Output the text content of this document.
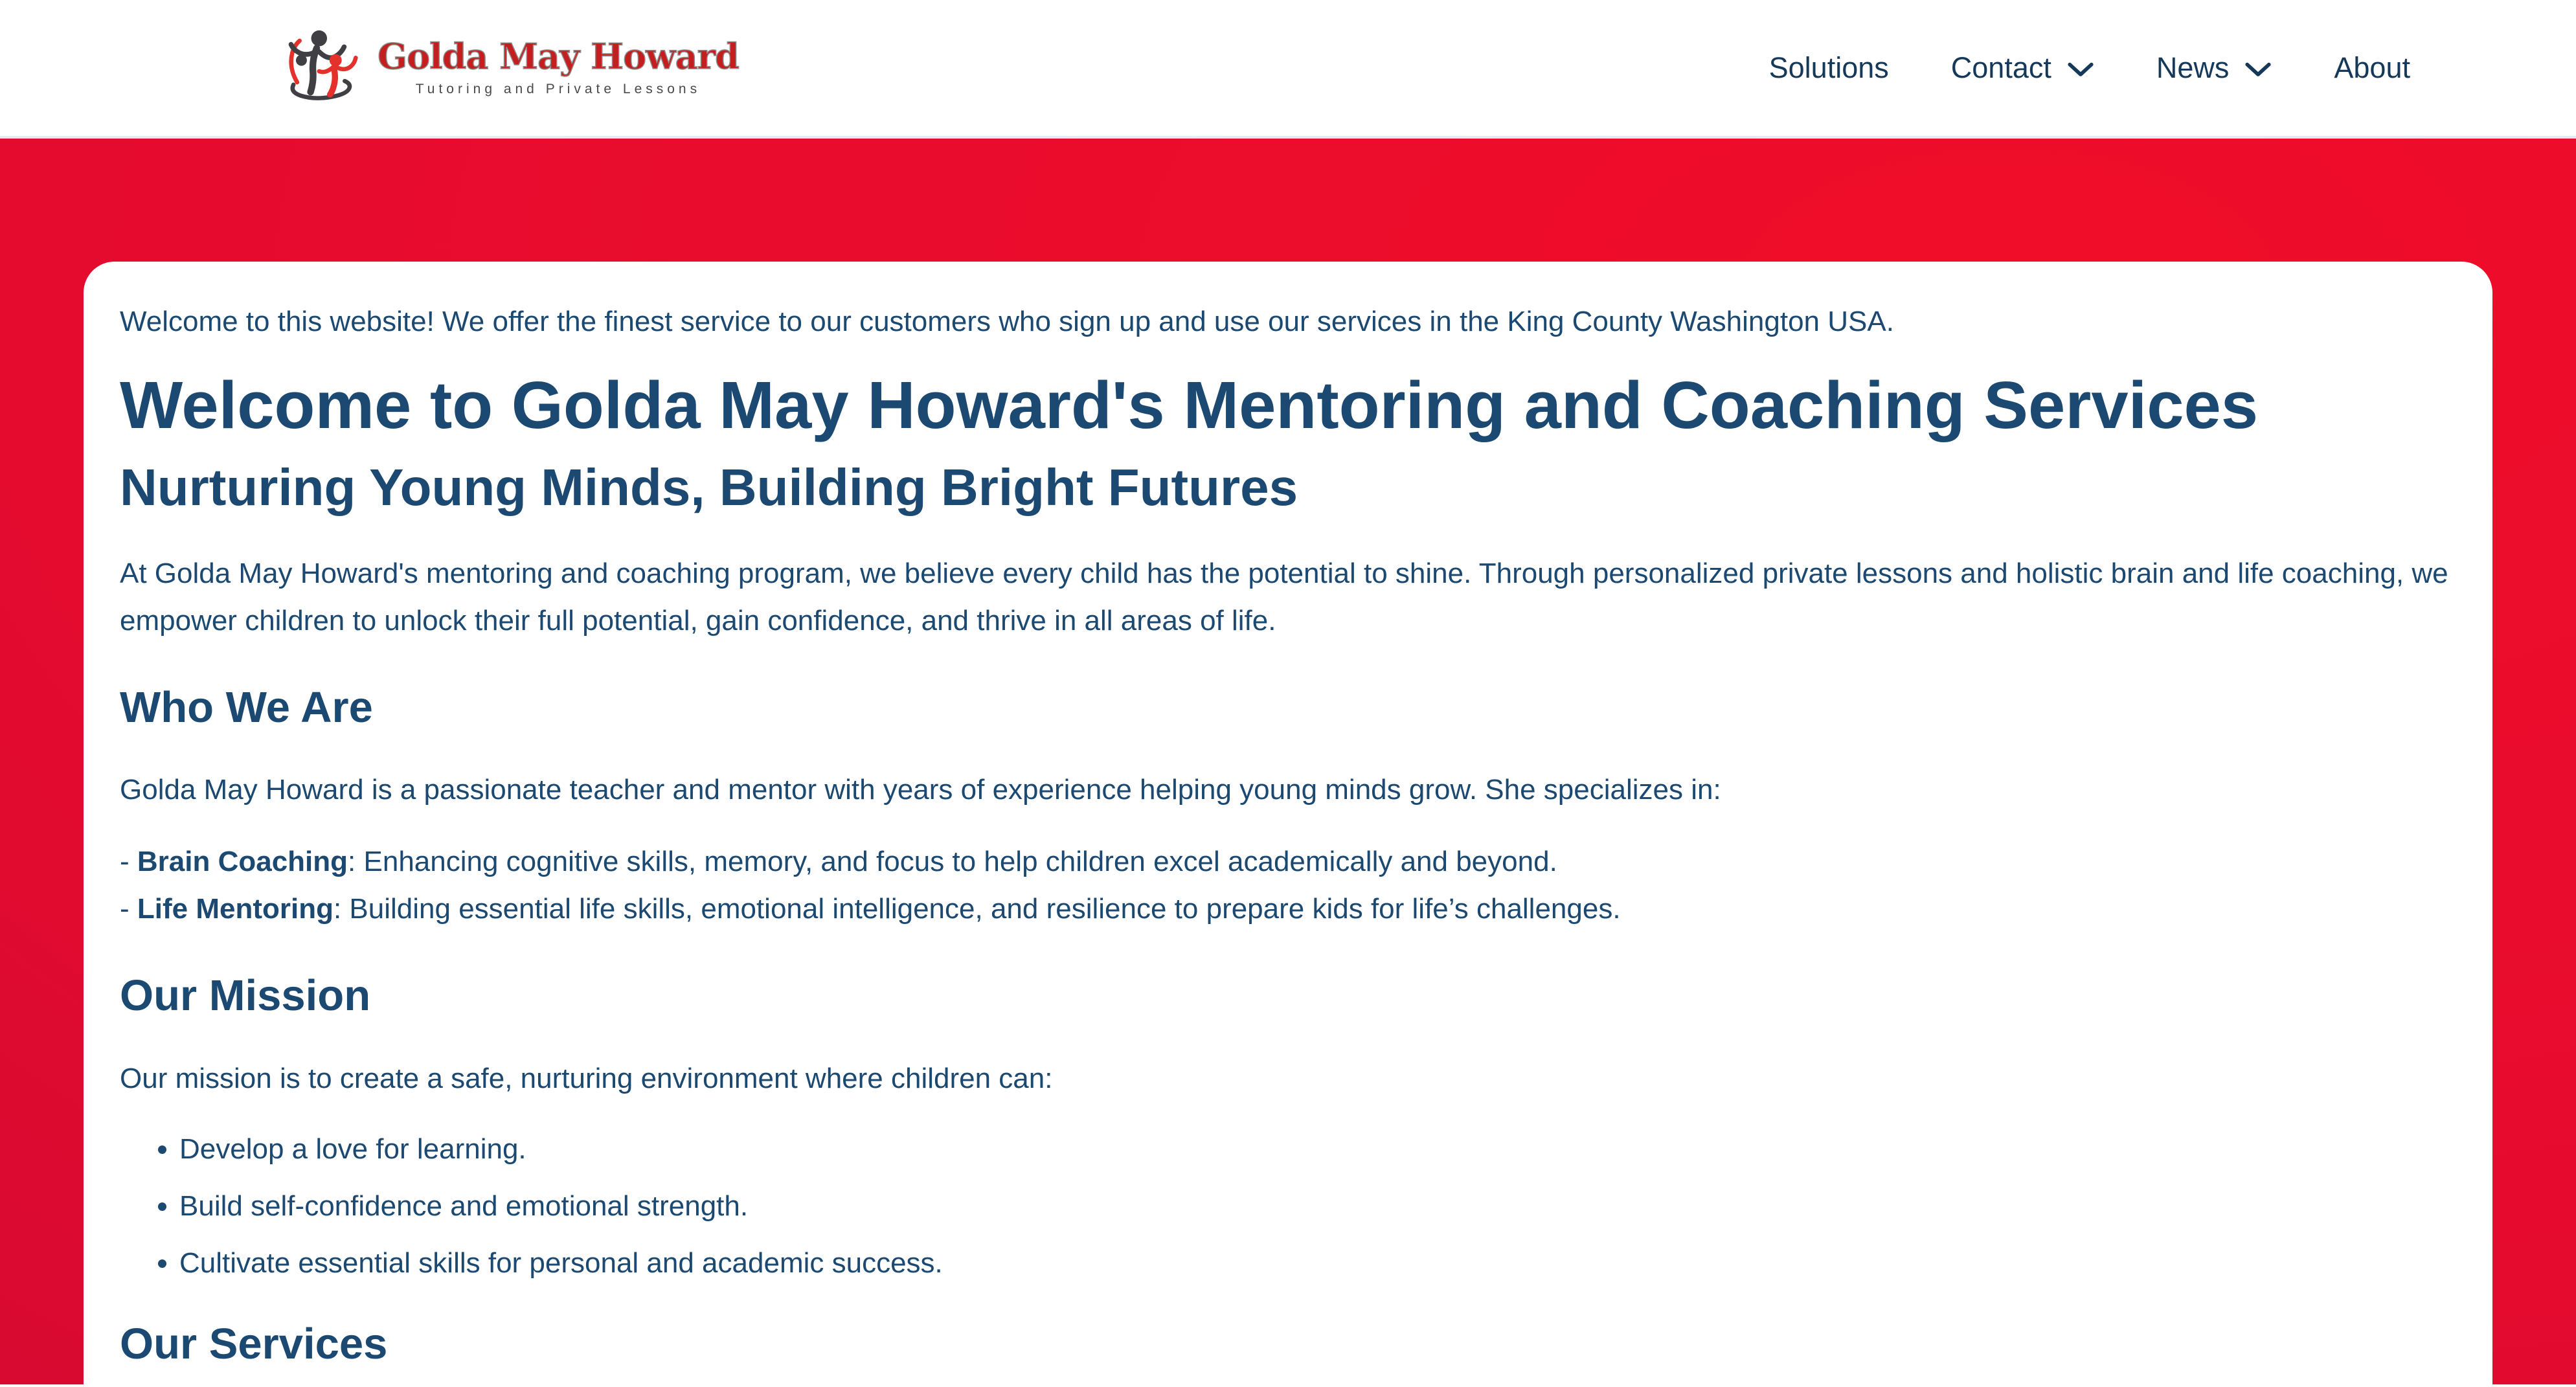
Golda May Howard
Tutoring and Private Lessons
Solutions Contact	News	About

Welcome to this website! We offer the finest service to our customers who sign up and use our services in the King County Washington USA.

Welcome to Golda May Howard's Mentoring and Coaching Services
Nurturing Young Minds, Building Bright Futures

At Golda May Howard's mentoring and coaching program, we believe every child has the potential to shine. Through personalized private lessons and holistic brain and life coaching, we empower children to unlock their full potential, gain confidence, and thrive in all areas of life.

Who We Are

Golda May Howard is a passionate teacher and mentor with years of experience helping young minds grow. She specializes in:

- Brain Coaching: Enhancing cognitive skills, memory, and focus to help children excel academically and beyond.
- Life Mentoring: Building essential life skills, emotional intelligence, and resilience to prepare kids for life’s challenges.
Our Mission

Our mission is to create a safe, nurturing environment where children can:

• Develop a love for learning.
• Build self-confidence and emotional strength.
• Cultivate essential skills for personal and academic success.
Our Services
